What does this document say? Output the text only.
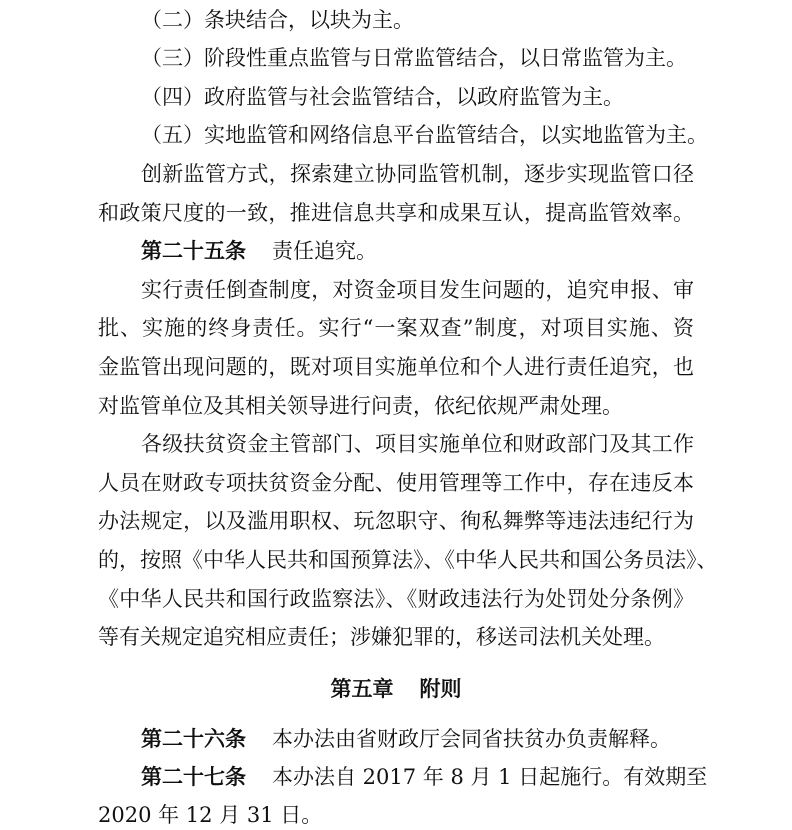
（二）条块结合，以块为主。
（三）阶段性重点监管与日常监管结合，以日常监管为主。
（四）政府监管与社会监管结合，以政府监管为主。
（五）实地监管和网络信息平台监管结合，以实地监管为主。
创新监管方式，探索建立协同监管机制，逐步实现监管口径
和政策尺度的一致，推进信息共享和成果互认，提高监管效率。
第二十五条 责任追究。
实行责任倒查制度，对资金项目发生问题的，追究申报、审
批、实施的终身责任。实行“一案双查”制度，对项目实施、资
金监管出现问题的，既对项目实施单位和个人进行责任追究，也
对监管单位及其相关领导进行问责，依纪依规严肃处理。
各级扶贫资金主管部门、项目实施单位和财政部门及其工作
人员在财政专项扶贫资金分配、使用管理等工作中，存在违反本
办法规定，以及滥用职权、玩忽职守、徇私舞弊等违法违纪行为
的，按照《中华人民共和国预算法》、《中华人民共和国公务员法》、
《中华人民共和国行政监察法》、《财政违法行为处罚处分条例》
等有关规定追究相应责任；涉嫌犯罪的，移送司法机关处理。
第五章 附则
第二十六条 本办法由省财政厅会同省扶贫办负责解释。
第二十七条 本办法自 2017 年 8 月 1 日起施行。有效期至
2020 年 12 月 31 日。
